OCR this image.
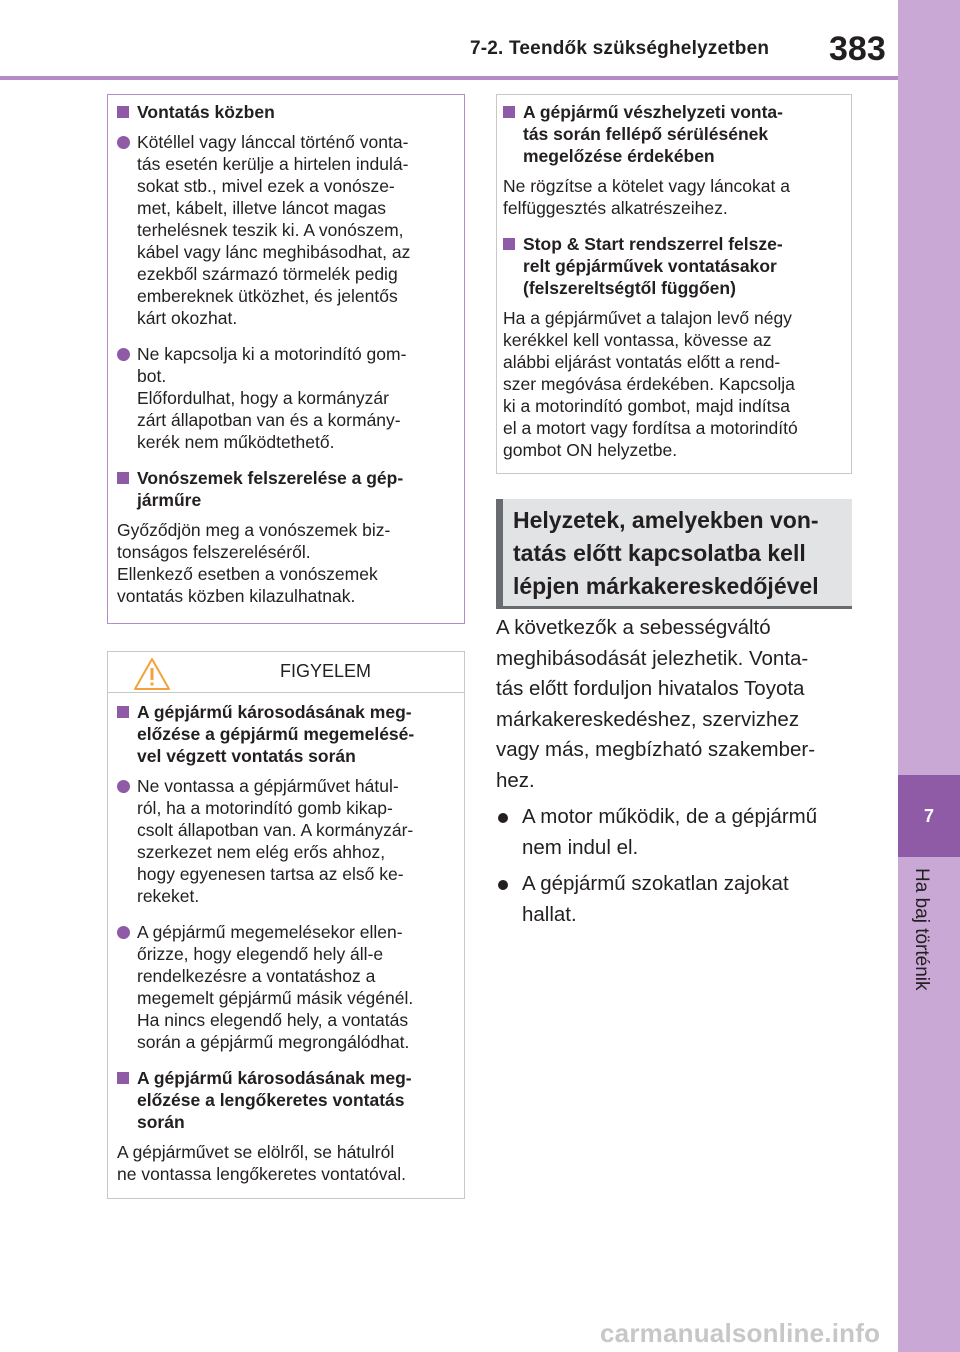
7-2. Teendők szükséghelyzetben 383
7
Ha baj történik
Vontatás közben
Kötéllel vagy lánccal történő vonta-
tás esetén kerülje a hirtelen indulá-
sokat stb., mivel ezek a vonósze-
met, kábelt, illetve láncot magas
terhelésnek teszik ki. A vonószem,
kábel vagy lánc meghibásodhat, az
ezekből származó törmelék pedig
embereknek ütközhet, és jelentős
kárt okozhat.
Ne kapcsolja ki a motorindító gom-
bot.
Előfordulhat, hogy a kormányzár
zárt állapotban van és a kormány-
kerék nem működtethető.
Vonószemek felszerelése a gép-
járműre
Győződjön meg a vonószemek biz-
tonságos felszereléséről.
Ellenkező esetben a vonószemek
vontatás közben kilazulhatnak.
FIGYELEM
A gépjármű károsodásának meg-
előzése a gépjármű megemelésé-
vel végzett vontatás során
Ne vontassa a gépjárművet hátul-
ról, ha a motorindító gomb kikap-
csolt állapotban van. A kormányzár-
szerkezet nem elég erős ahhoz,
hogy egyenesen tartsa az első ke-
rekeket.
A gépjármű megemelésekor ellen-
őrizze, hogy elegendő hely áll-e
rendelkezésre a vontatáshoz a
megemelt gépjármű másik végénél.
Ha nincs elegendő hely, a vontatás
során a gépjármű megrongálódhat.
A gépjármű károsodásának meg-
előzése a lengőkeretes vontatás
során
A gépjárművet se elölről, se hátulról
ne vontassa lengőkeretes vontatóval.
A gépjármű vészhelyzeti vonta-
tás során fellépő sérülésének
megelőzése érdekében
Ne rögzítse a kötelet vagy láncokat a
felfüggesztés alkatrészeihez.
Stop & Start rendszerrel felsze-
relt gépjárművek vontatásakor
(felszereltségtől függően)
Ha a gépjárművet a talajon levő négy
kerékkel kell vontassa, kövesse az
alábbi eljárást vontatás előtt a rend-
szer megóvása érdekében. Kapcsolja
ki a motorindító gombot, majd indítsa
el a motort vagy fordítsa a motorindító
gombot ON helyzetbe.
Helyzetek, amelyekben von-
tatás előtt kapcsolatba kell
lépjen márkakereskedőjével
A következők a sebességváltó
meghibásodását jelezhetik. Vonta-
tás előtt forduljon hivatalos Toyota
márkakereskedéshez, szervizhez
vagy más, megbízható szakember-
hez.
A motor működik, de a gépjármű
nem indul el.
A gépjármű szokatlan zajokat
hallat.
carmanualsonline.info
